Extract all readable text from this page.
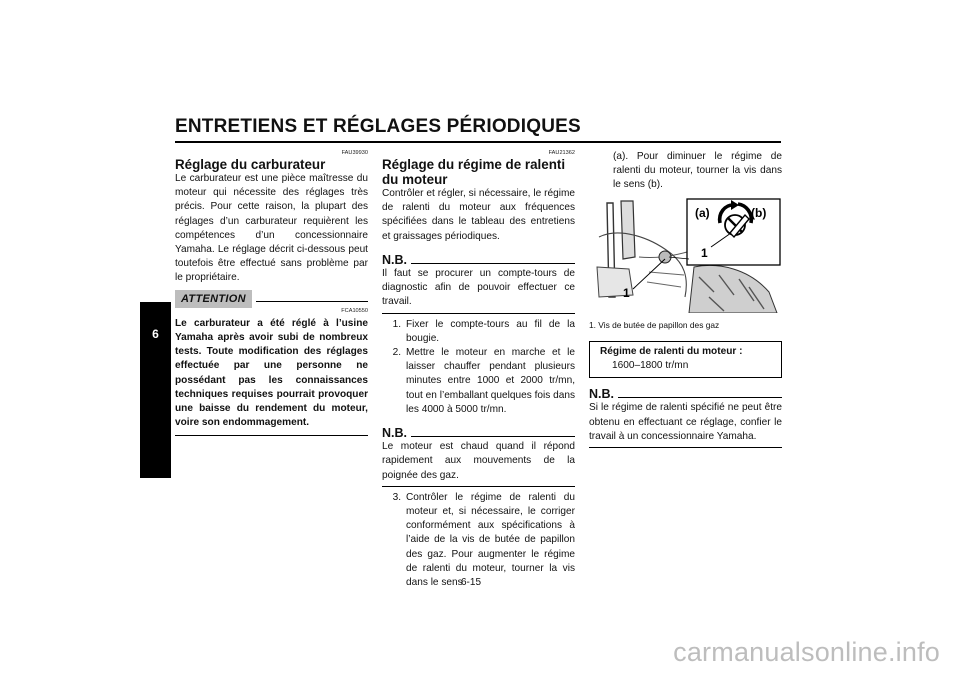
ENTRETIENS ET RÉGLAGES PÉRIODIQUES
6
FAU39930
Réglage du carburateur

Le carburateur est une pièce maîtresse du moteur qui nécessite des réglages très précis. Pour cette raison, la plupart des réglages d’un carburateur requièrent les compétences d’un concessionnaire Yamaha. Le réglage décrit ci-dessous peut toutefois être effectué sans problème par le propriétaire.

ATTENTION
FCA10550

Le carburateur a été réglé à l’usine Yamaha après avoir subi de nombreux tests. Toute modification des réglages effectuée par une personne ne possédant pas les connaissances techniques requises pourrait provoquer une baisse du rendement du moteur, voire son endommagement.

FAU21362
Réglage du régime de ralenti du moteur

Contrôler et régler, si nécessaire, le régime de ralenti du moteur aux fréquences spécifiées dans le tableau des entretiens et graissages périodiques.

N.B.

Il faut se procurer un compte-tours de diagnostic afin de pouvoir effectuer ce travail.

1. Fixer le compte-tours au fil de la bougie.
2. Mettre le moteur en marche et le laisser chauffer pendant plusieurs minutes entre 1000 et 2000 tr/mn, tout en l’emballant quelques fois dans les 4000 à 5000 tr/mn.
N.B.

Le moteur est chaud quand il répond rapidement aux mouvements de la poignée des gaz.

3. Contrôler le régime de ralenti du moteur et, si nécessaire, le corriger conformément aux spécifications à l’aide de la vis de butée de papillon des gaz. Pour augmenter le régime de ralenti du moteur, tourner la vis dans le sens
(a). Pour diminuer le régime de ralenti du moteur, tourner la vis dans le sens (b).
1
(a)	(b)
1
1. Vis de butée de papillon des gaz
Régime de ralenti du moteur :
1600–1800 tr/mn
N.B.

Si le régime de ralenti spécifié ne peut être obtenu en effectuant ce réglage, confier le travail à un concessionnaire Yamaha.

6-15
carmanualsonline.info
